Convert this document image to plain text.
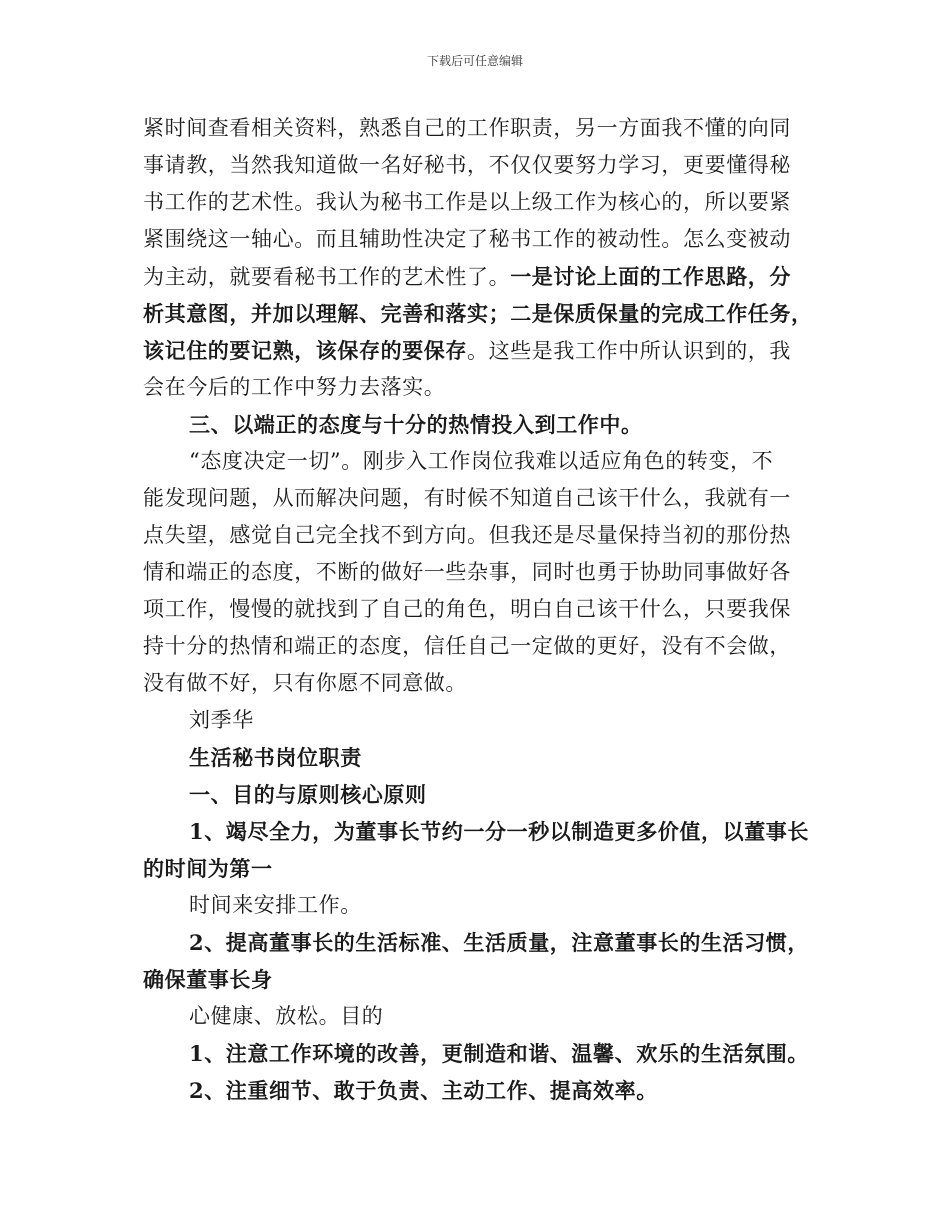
下载后可任意编辑
紧时间查看相关资料，熟悉自己的工作职责，另一方面我不懂的向同
事请教，当然我知道做一名好秘书，不仅仅要努力学习，更要懂得秘
书工作的艺术性。我认为秘书工作是以上级工作为核心的，所以要紧
紧围绕这一轴心。而且辅助性决定了秘书工作的被动性。怎么变被动
为主动，就要看秘书工作的艺术性了。一是讨论上面的工作思路，分
析其意图，并加以理解、完善和落实；二是保质保量的完成工作任务，
该记住的要记熟，该保存的要保存。这些是我工作中所认识到的，我
会在今后的工作中努力去落实。
三、以端正的态度与十分的热情投入到工作中。
“态度决定一切”。刚步入工作岗位我难以适应角色的转变，不
能发现问题，从而解决问题，有时候不知道自己该干什么，我就有一
点失望，感觉自己完全找不到方向。但我还是尽量保持当初的那份热
情和端正的态度，不断的做好一些杂事，同时也勇于协助同事做好各
项工作，慢慢的就找到了自己的角色，明白自己该干什么，只要我保
持十分的热情和端正的态度，信任自己一定做的更好，没有不会做，
没有做不好，只有你愿不同意做。
刘季华
生活秘书岗位职责
一、目的与原则核心原则
1、竭尽全力，为董事长节约一分一秒以制造更多价值，以董事长
的时间为第一
时间来安排工作。
2、提高董事长的生活标准、生活质量，注意董事长的生活习惯，
确保董事长身
心健康、放松。目的
1、注意工作环境的改善，更制造和谐、温馨、欢乐的生活氛围。
2、注重细节、敢于负责、主动工作、提高效率。
